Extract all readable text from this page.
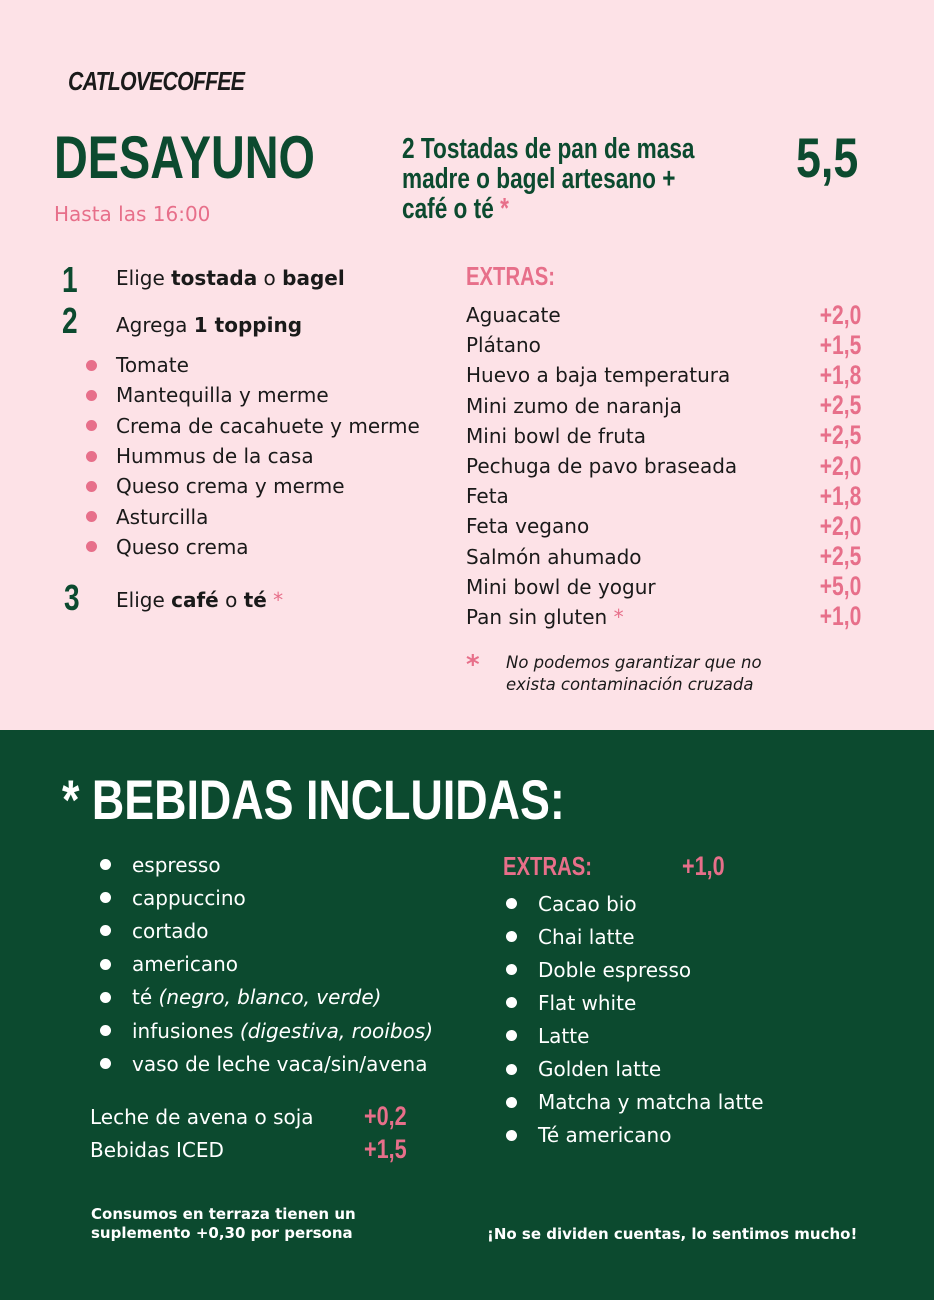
CATLOVECOFFEE
DESAYUNO
Hasta las 16:00
2 Tostadas de pan de masa
madre o bagel artesano +
café o té *
5,5
1 Elige tostada o bagel
2 Agrega 1 topping
Tomate
Mantequilla y merme
Crema de cacahuete y merme
Hummus de la casa
Queso crema y merme
Asturcilla
Queso crema
3 Elige café o té *
EXTRAS:
Aguacate	+2,0
Plátano	+1,5
Huevo a baja temperatura	+1,8
Mini zumo de naranja	+2,5
Mini bowl de fruta	+2,5
Pechuga de pavo braseada	+2,0
Feta	+1,8
Feta vegano	+2,0
Salmón ahumado	+2,5
Mini bowl de yogur	+5,0
Pan sin gluten *	+1,0
* No podemos garantizar que no
exista contaminación cruzada
* BEBIDAS INCLUIDAS:
espresso
cappuccino
cortado
americano
té (negro, blanco, verde)
infusiones (digestiva, rooibos)
vaso de leche vaca/sin/avena
Leche de avena o soja +0,2
Bebidas ICED	+1,5
EXTRAS:	+1,0
Cacao bio
Chai latte
Doble espresso
Flat white
Latte
Golden latte
Matcha y matcha latte
Té americano
Consumos en terraza tienen un
suplemento +0,30 por persona	¡No se dividen cuentas, lo sentimos mucho!
